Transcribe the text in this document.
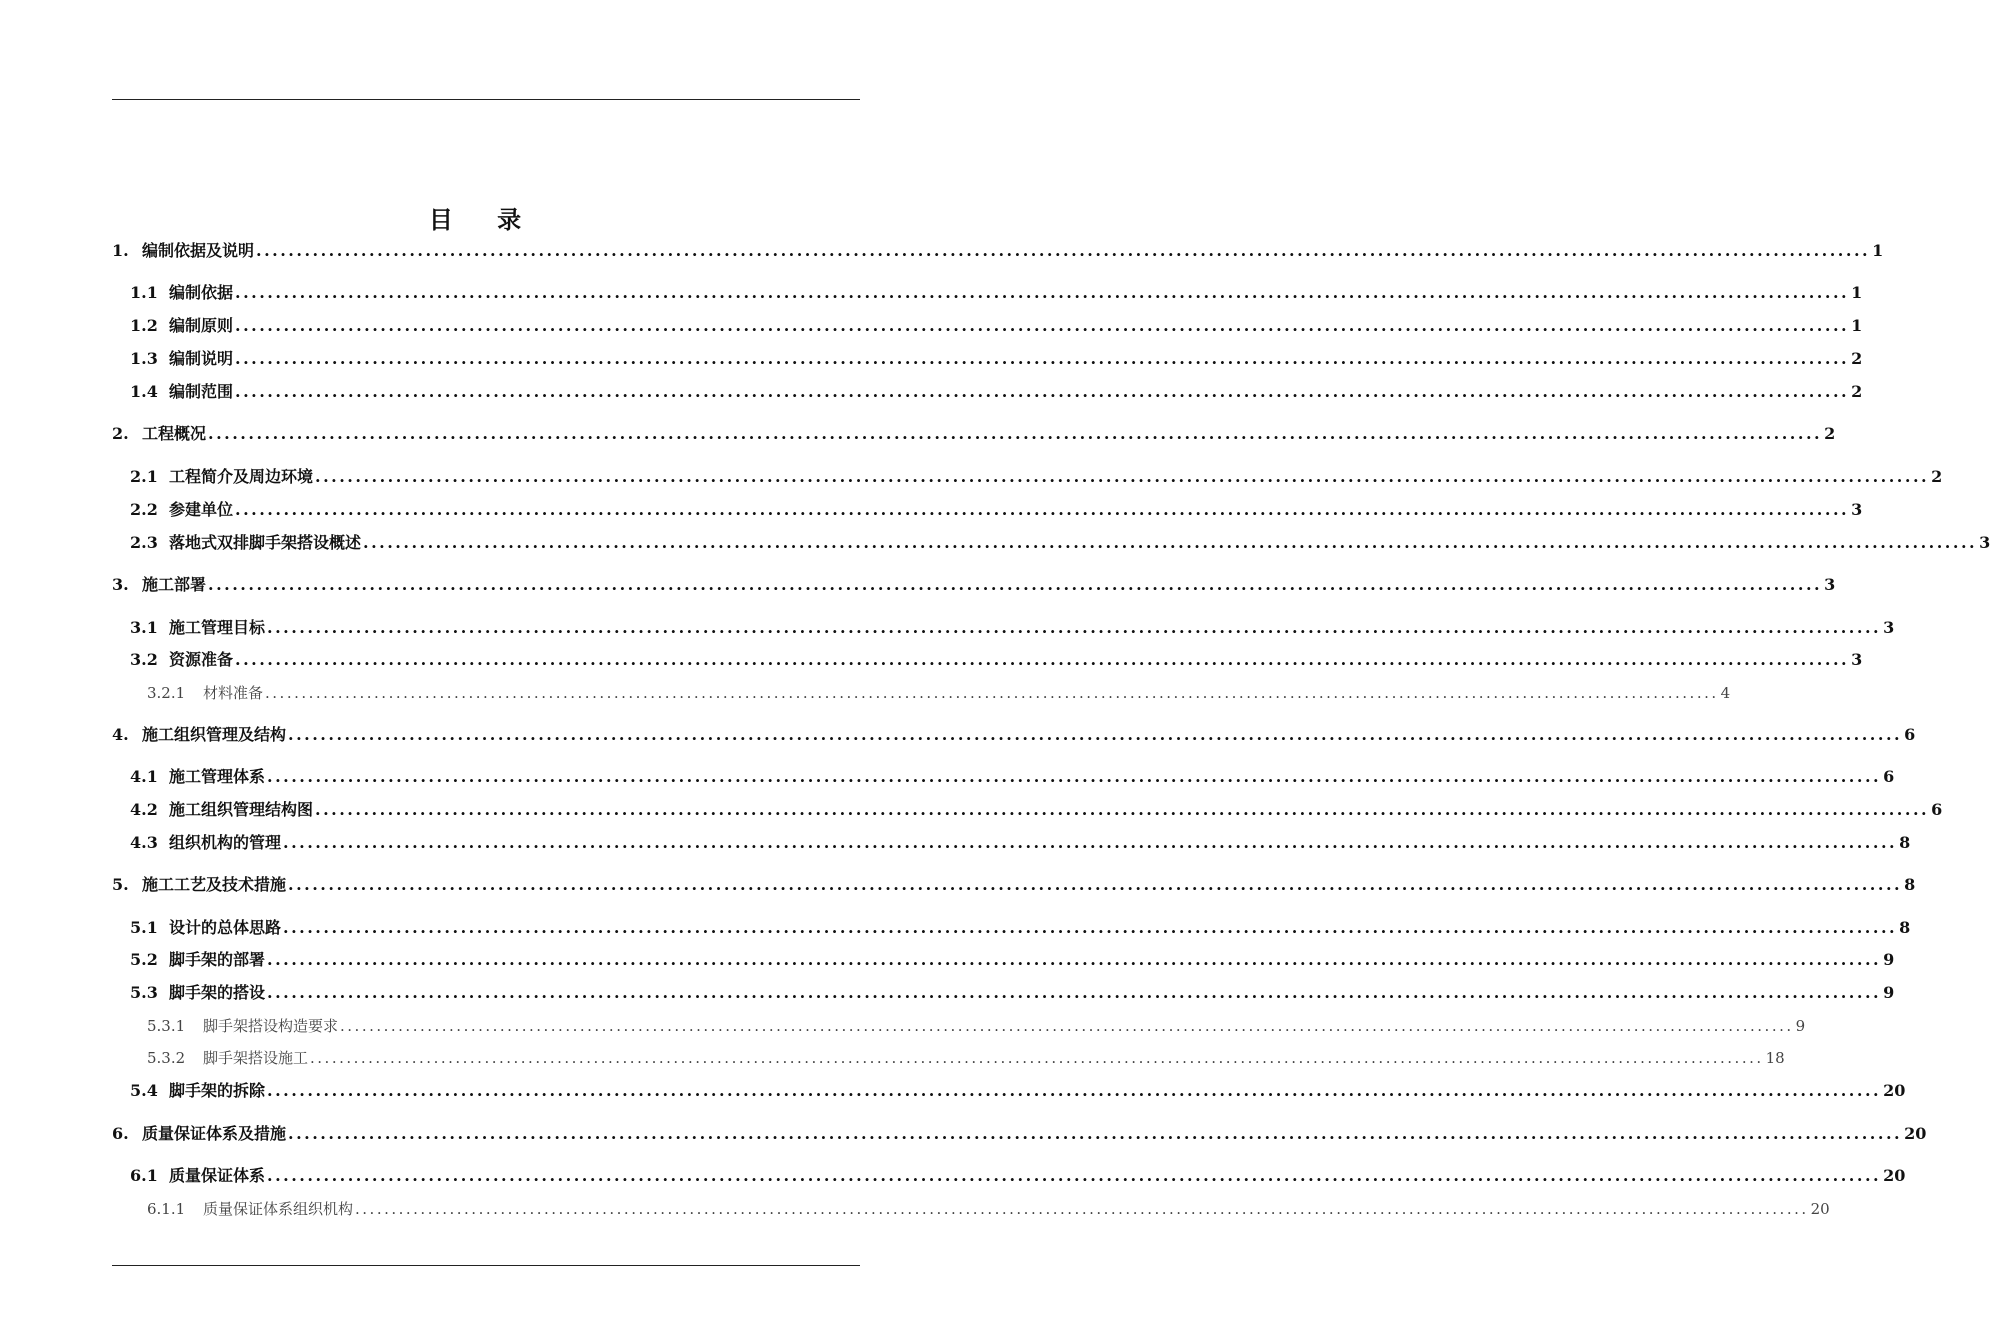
目 录
1. 编制依据及说明 ........................................................................................................................................................................................................ 1
1.1 编制依据 ........................................................................................................................................................................................................ 1
1.2 编制原则 ........................................................................................................................................................................................................ 1
1.3 编制说明 ........................................................................................................................................................................................................ 2
1.4 编制范围 ........................................................................................................................................................................................................ 2
2. 工程概况 ........................................................................................................................................................................................................ 2
2.1 工程简介及周边环境 ........................................................................................................................................................................................................ 2
2.2 参建单位 ........................................................................................................................................................................................................ 3
2.3 落地式双排脚手架搭设概述 ........................................................................................................................................................................................................ 3
3. 施工部署 ........................................................................................................................................................................................................ 3
3.1 施工管理目标 ........................................................................................................................................................................................................ 3
3.2 资源准备 ........................................................................................................................................................................................................ 3
3.2.1	材料准备 ........................................................................................................................................................................................................ 4
4. 施工组织管理及结构 ........................................................................................................................................................................................................ 6
4.1 施工管理体系 ........................................................................................................................................................................................................ 6
4.2 施工组织管理结构图 ........................................................................................................................................................................................................ 6
4.3 组织机构的管理 ........................................................................................................................................................................................................ 8
5. 施工工艺及技术措施 ........................................................................................................................................................................................................ 8
5.1 设计的总体思路 ........................................................................................................................................................................................................ 8
5.2 脚手架的部署 ........................................................................................................................................................................................................ 9
5.3 脚手架的搭设 ........................................................................................................................................................................................................ 9
5.3.1	脚手架搭设构造要求 ........................................................................................................................................................................................................ 9
5.3.2	脚手架搭设施工 ........................................................................................................................................................................................................ 18
5.4 脚手架的拆除 ........................................................................................................................................................................................................ 20
6. 质量保证体系及措施 ........................................................................................................................................................................................................ 20
6.1 质量保证体系 ........................................................................................................................................................................................................ 20
6.1.1	质量保证体系组织机构 ........................................................................................................................................................................................................ 20
